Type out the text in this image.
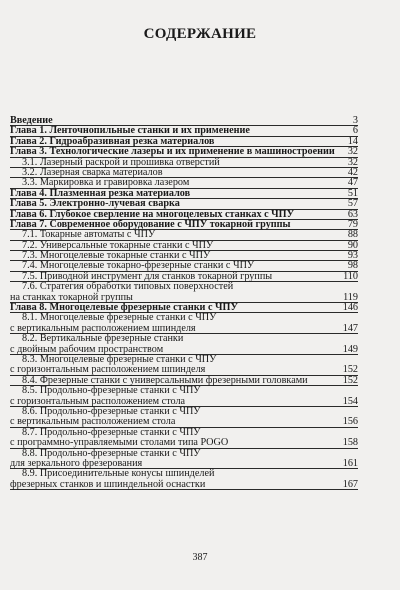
СОДЕРЖАНИЕ
Введение	3
Глава 1. Ленточнопильные станки и их применение	6
Глава 2. Гидроабразивная резка материалов	14
Глава 3. Технологические лазеры и их применение в машиностроении 32
3.1. Лазерный раскрой и прошивка отверстий	32
3.2. Лазерная сварка материалов	42
3.3. Маркировка и гравировка лазером	47
Глава 4. Плазменная резка материалов	51
Глава 5. Электронно-лучевая сварка	57
Глава 6. Глубокое сверление на многоцелевых станках с ЧПУ	63
Глава 7. Современное оборудование с ЧПУ токарной группы	79
7.1. Токарные автоматы с ЧПУ	88
7.2. Универсальные токарные станки с ЧПУ	90
7.3. Многоцелевые токарные станки с ЧПУ	93
7.4. Многоцелевые токарно-фрезерные станки с ЧПУ	98
7.5. Приводной инструмент для станков токарной группы	110
7.6. Стратегия обработки типовых поверхностей
на станках токарной группы	119
Глава 8. Многоцелевые фрезерные станки с ЧПУ	146
8.1. Многоцелевые фрезерные станки с ЧПУ
с вертикальным расположением шпинделя	147
8.2. Вертикальные фрезерные станки
с двойным рабочим пространством	149
8.3. Многоцелевые фрезерные станки с ЧПУ
с горизонтальным расположением шпинделя	152
8.4. Фрезерные станки с универсальными фрезерными головками	152
8.5. Продольно-фрезерные станки с ЧПУ
с горизонтальным расположением стола	154
8.6. Продольно-фрезерные станки с ЧПУ
с вертикальным расположением стола	156
8.7. Продольно-фрезерные станки с ЧПУ
с программно-управляемыми столами типа POGO	158
8.8. Продольно-фрезерные станки с ЧПУ
для зеркального фрезерования	161
8.9. Присоединительные конусы шпинделей
фрезерных станков и шпиндельной оснастки	167
387
